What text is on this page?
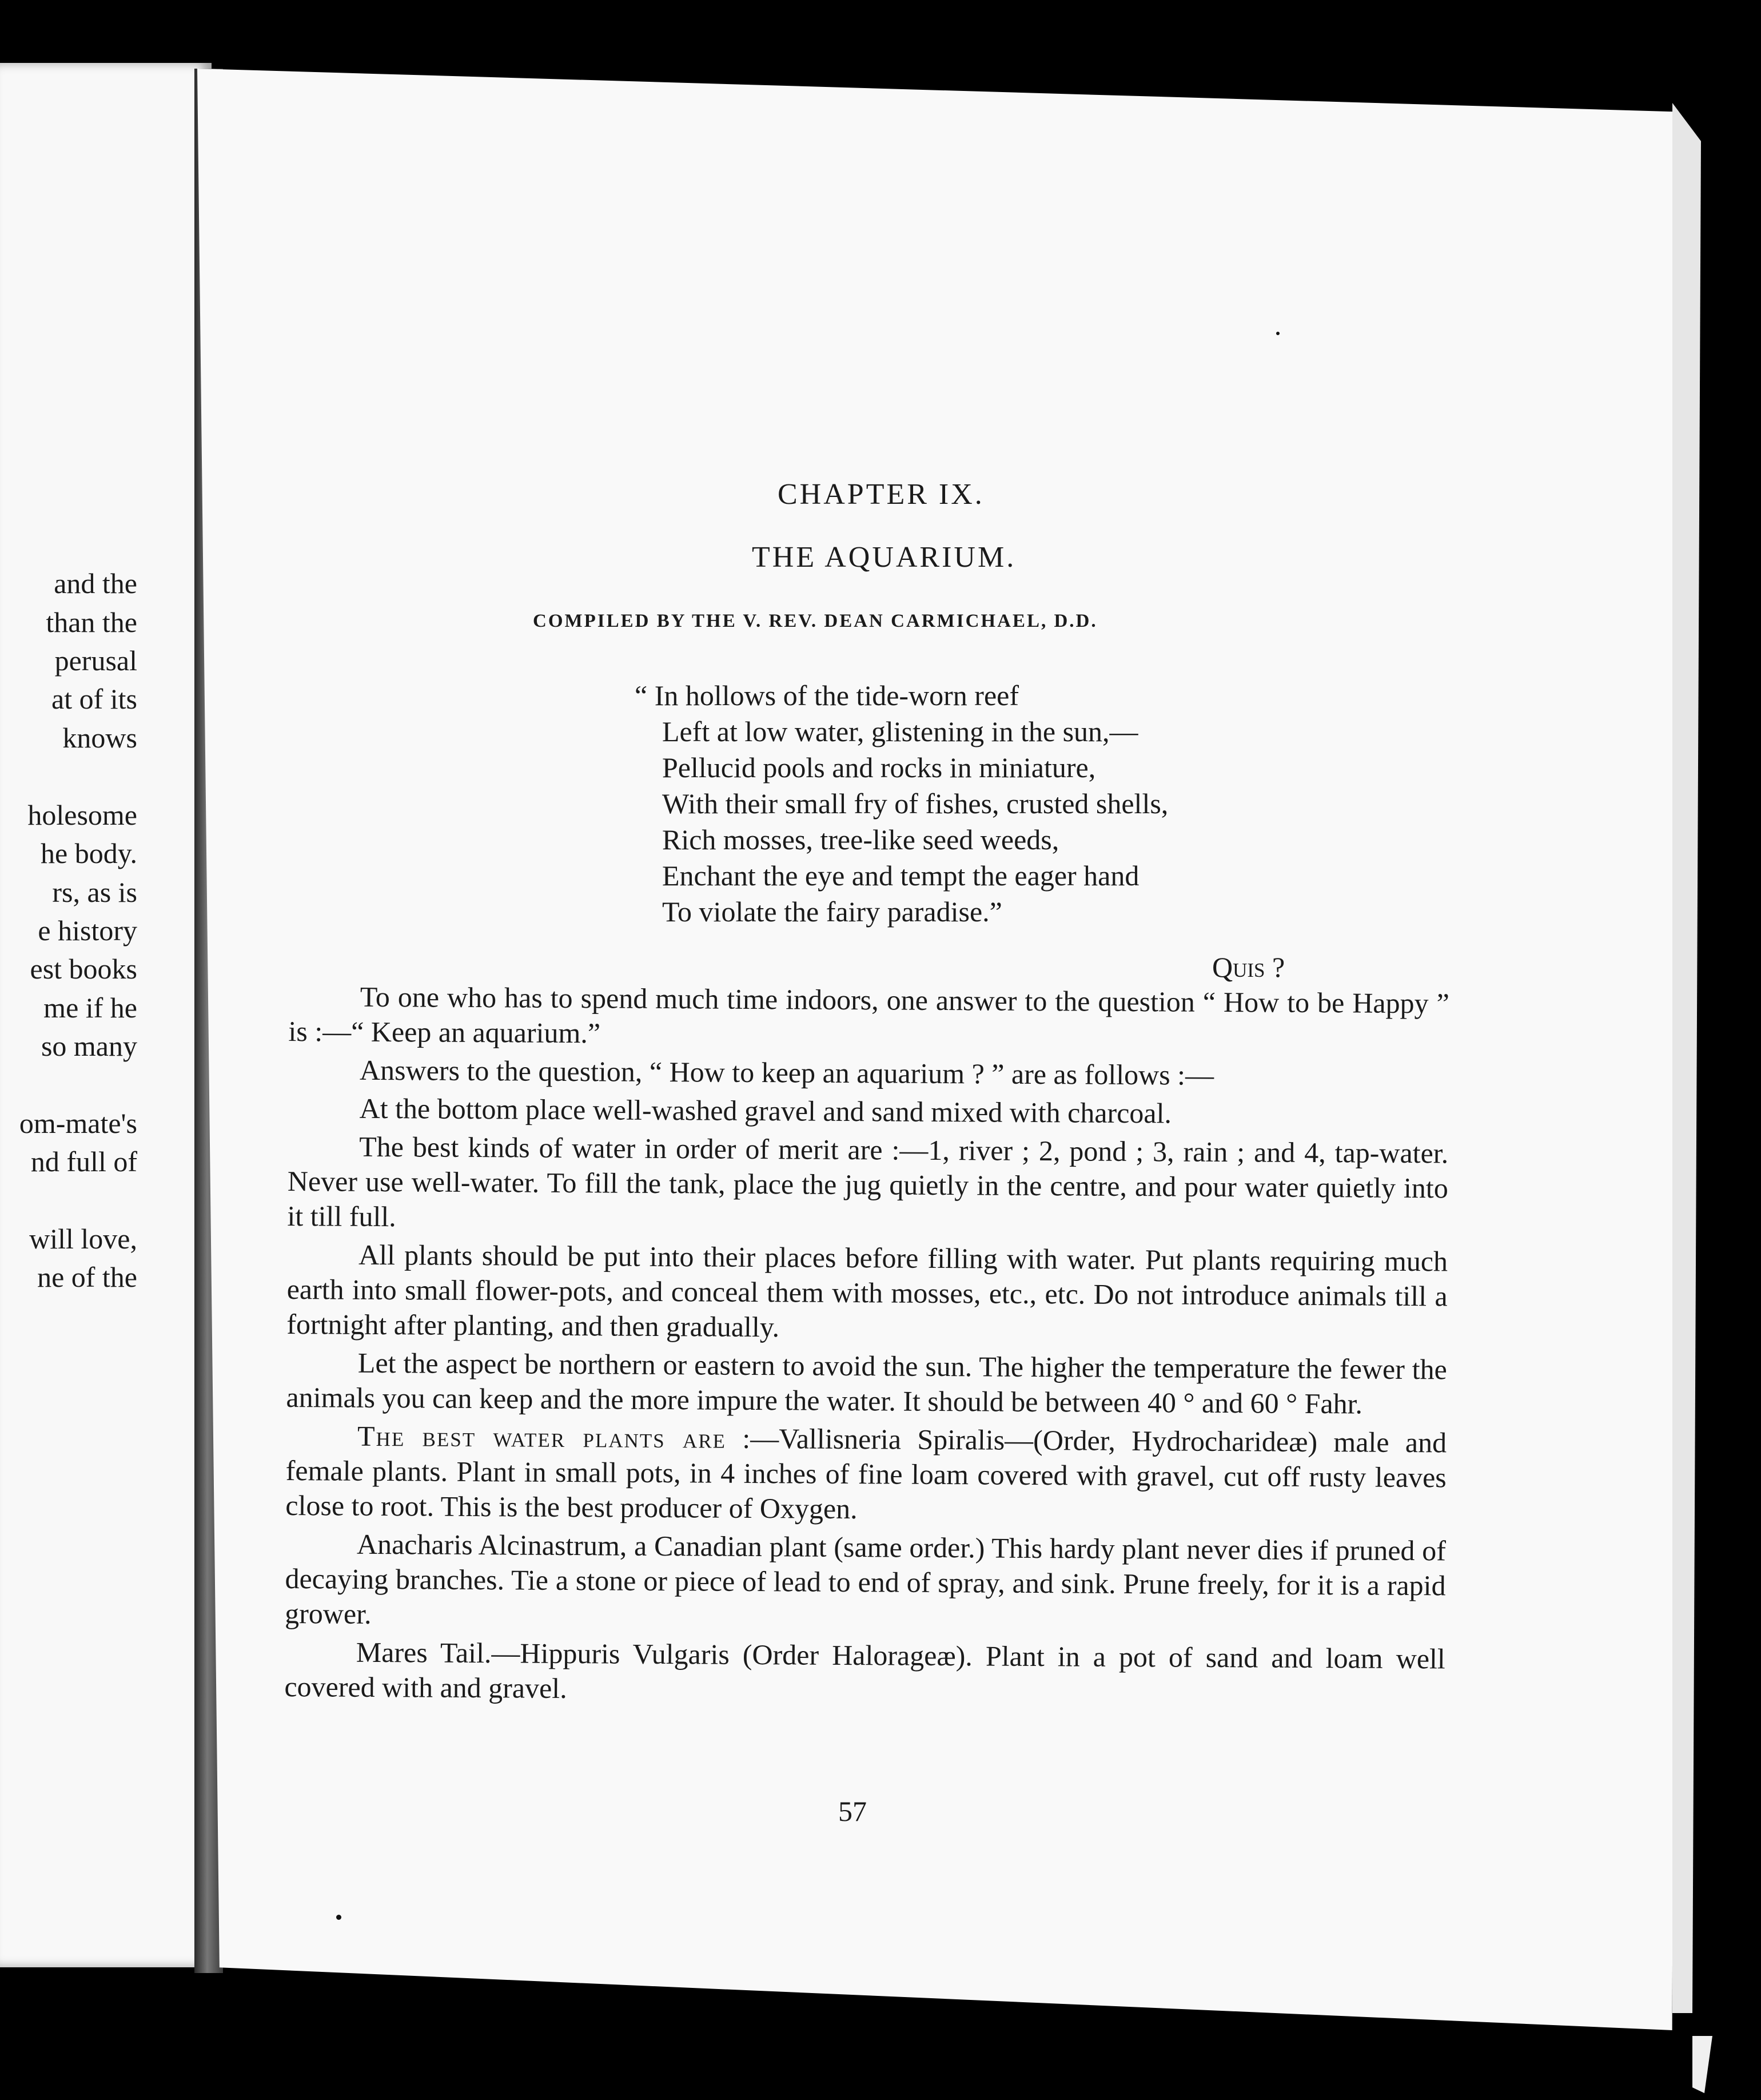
and the
than the
perusal
at of its
knows
holesome
he body.
rs, as is
e history
est books
me if he
so many
om-mate's
nd full of
will love,
ne of the
CHAPTER IX.
THE AQUARIUM.
COMPILED BY THE V. REV. DEAN CARMICHAEL, D.D.
“ In hollows of the tide-worn reef
Left at low water, glistening in the sun,—
Pellucid pools and rocks in miniature,
With their small fry of fishes, crusted shells,
Rich mosses, tree-like seed weeds,
Enchant the eye and tempt the eager hand
To violate the fairy paradise.”
Quis ?

To one who has to spend much time indoors, one answer to the question “ How to be Happy ” is :—“ Keep an aquarium.”

Answers to the question, “ How to keep an aquarium ? ” are as follows :—

At the bottom place well-washed gravel and sand mixed with charcoal.

The best kinds of water in order of merit are :—1, river ; 2, pond ; 3, rain ; and 4, tap-water. Never use well-water. To fill the tank, place the jug quietly in the centre, and pour water quietly into it till full.

All plants should be put into their places before filling with water. Put plants requiring much earth into small flower-pots, and conceal them with mosses, etc., etc. Do not introduce animals till a fortnight after planting, and then gradually.

Let the aspect be northern or eastern to avoid the sun. The higher the temperature the fewer the animals you can keep and the more impure the water. It should be between 40 ° and 60 ° Fahr.

The best water plants are :—Vallisneria Spiralis—(Order, Hydrocharideæ) male and female plants. Plant in small pots, in 4 inches of fine loam covered with gravel, cut off rusty leaves close to root. This is the best producer of Oxygen.

Anacharis Alcinastrum, a Canadian plant (same order.) This hardy plant never dies if pruned of decaying branches. Tie a stone or piece of lead to end of spray, and sink. Prune freely, for it is a rapid grower.

Mares Tail.—Hippuris Vulgaris (Order Halorageæ). Plant in a pot of sand and loam well covered with and gravel.

57
